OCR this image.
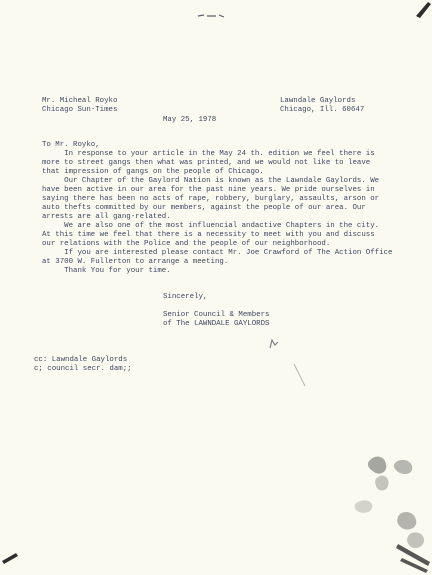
Mr. Micheal Royko
Chicago Sun-Times
Lawndale Gaylords
Chicago, Ill. 60647
May 25, 1978
To Mr. Royko,
In response to your article in the May 24 th. edition we feel there is
more to street gangs then what was printed, and we would not like to leave
that impression of gangs on the people of Chicago.
Our Chapter of the Gaylord Nation is known as the Lawndale Gaylords. We
have been active in our area for the past nine years. We pride ourselves in
saying there has been no acts of rape, robbery, burglary, assaults, arson or
auto thefts committed by our members, against the people of our area. Our
arrests are all gang-related.
We are also one of the most influencial andactive Chapters in the city.
At this time we feel that there is a necessity to meet with you and discuss
our relations with the Police and the people of our neighborhood.
If you are interested please contact Mr. Joe Crawford of The Action Office
at 3700 W. Fullerton to arrange a meeting.
Thank You for your time.
Sincerely,
Senior Council & Members
of The LAWNDALE GAYLORDS
cc: Lawndale Gaylords
c; council secr. dam;;
